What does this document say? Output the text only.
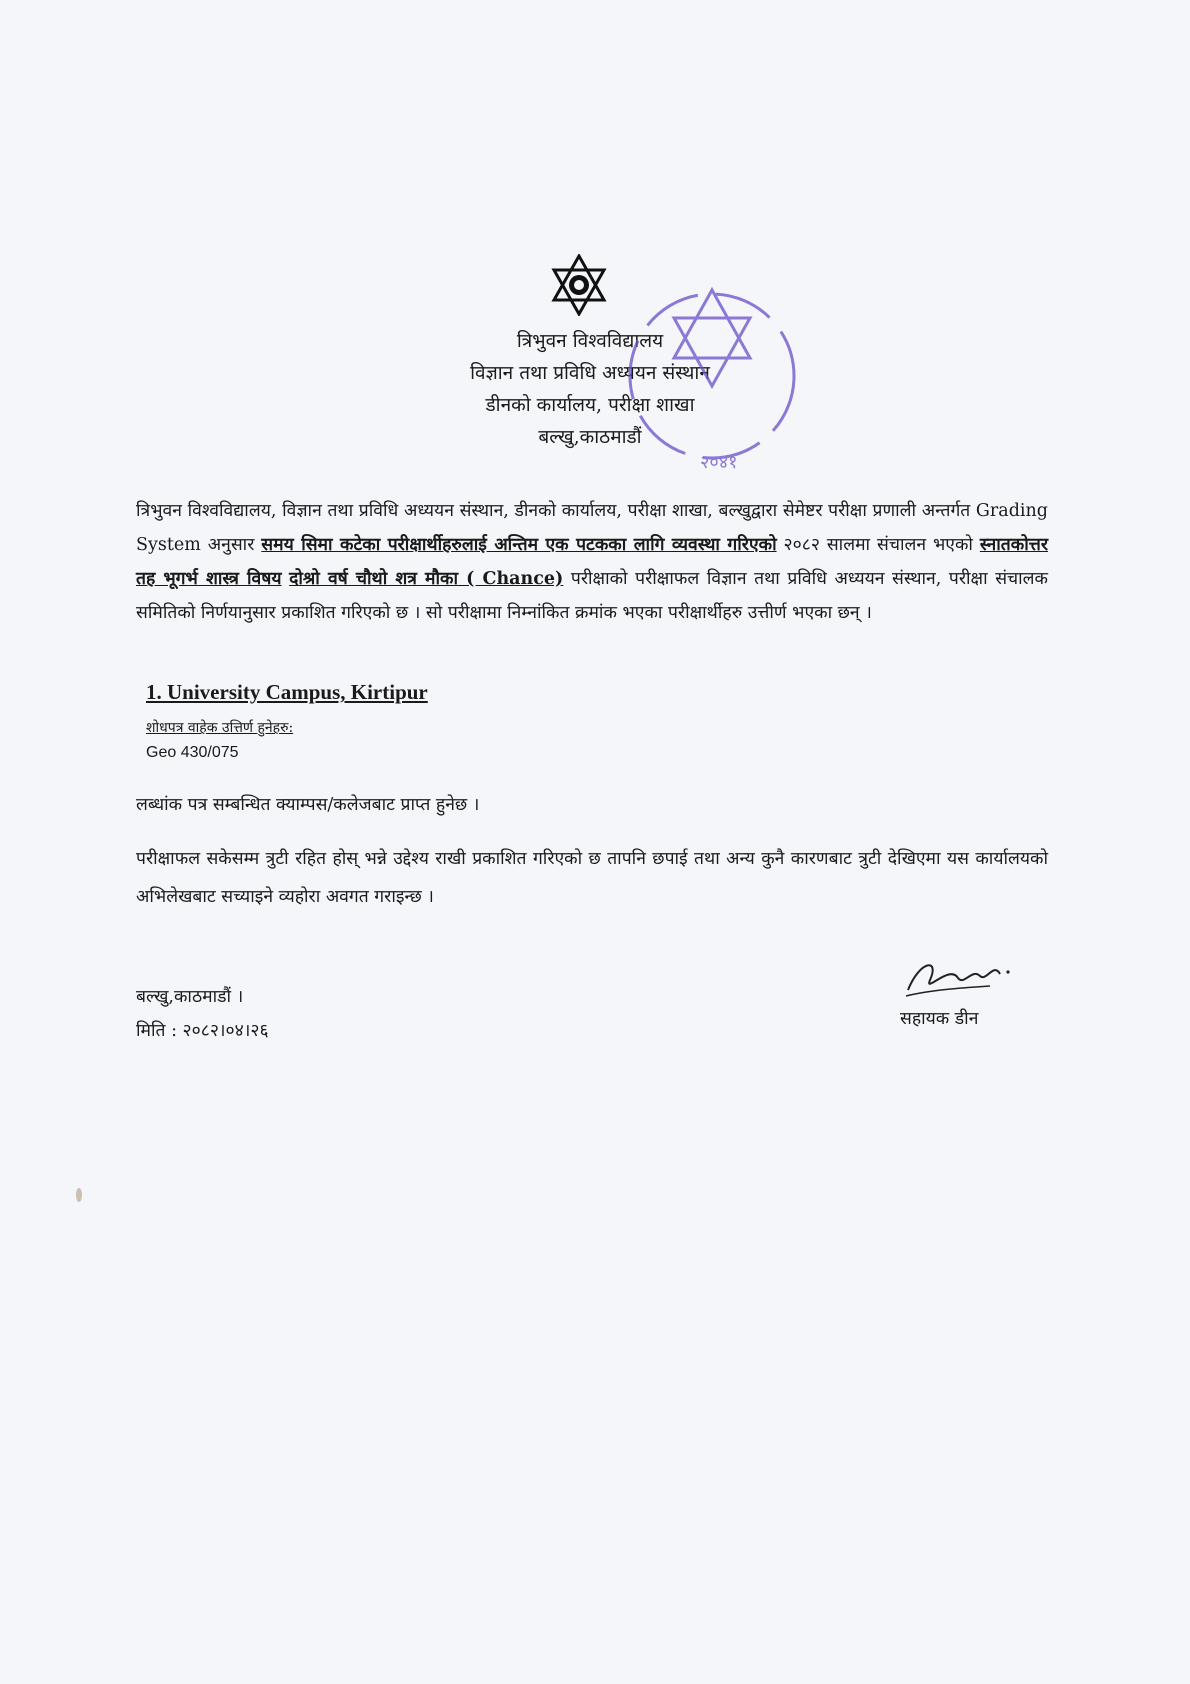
त्रिभुवन विश्वविद्यालय
विज्ञान तथा प्रविधि अध्ययन संस्थान
डीनको कार्यालय, परीक्षा शाखा
बल्खु,काठमाडौं
२०४१
त्रिभुवन विश्वविद्यालय, विज्ञान तथा प्रविधि अध्ययन संस्थान, डीनको कार्यालय, परीक्षा शाखा, बल्खुद्वारा सेमेष्टर परीक्षा प्रणाली अन्तर्गत Grading System अनुसार समय सिमा कटेका परीक्षार्थीहरुलाई अन्तिम एक पटकका लागि व्यवस्था गरिएको २०८२ सालमा संचालन भएको स्नातकोत्तर तह भूगर्भ शास्त्र विषय दोश्रो वर्ष चौथो शत्र मौका ( Chance) परीक्षाको परीक्षाफल विज्ञान तथा प्रविधि अध्ययन संस्थान, परीक्षा संचालक समितिको निर्णयानुसार प्रकाशित गरिएको छ । सो परीक्षामा निम्नांकित क्रमांक भएका परीक्षार्थीहरु उत्तीर्ण भएका छन् ।
1. University Campus, Kirtipur
शोधपत्र वाहेक उत्तिर्ण हुनेहरु:
Geo 430/075
लब्धांक पत्र सम्बन्धित क्याम्पस/कलेजबाट प्राप्त हुनेछ ।
परीक्षाफल सकेसम्म त्रुटी रहित होस् भन्ने उद्देश्य राखी प्रकाशित गरिएको छ तापनि छपाई तथा अन्य कुनै कारणबाट त्रुटी देखिएमा यस कार्यालयको अभिलेखबाट सच्याइने व्यहोरा अवगत गराइन्छ ।
बल्खु,काठमाडौं ।
मिति : २०८२।०४।२६
सहायक डीन
